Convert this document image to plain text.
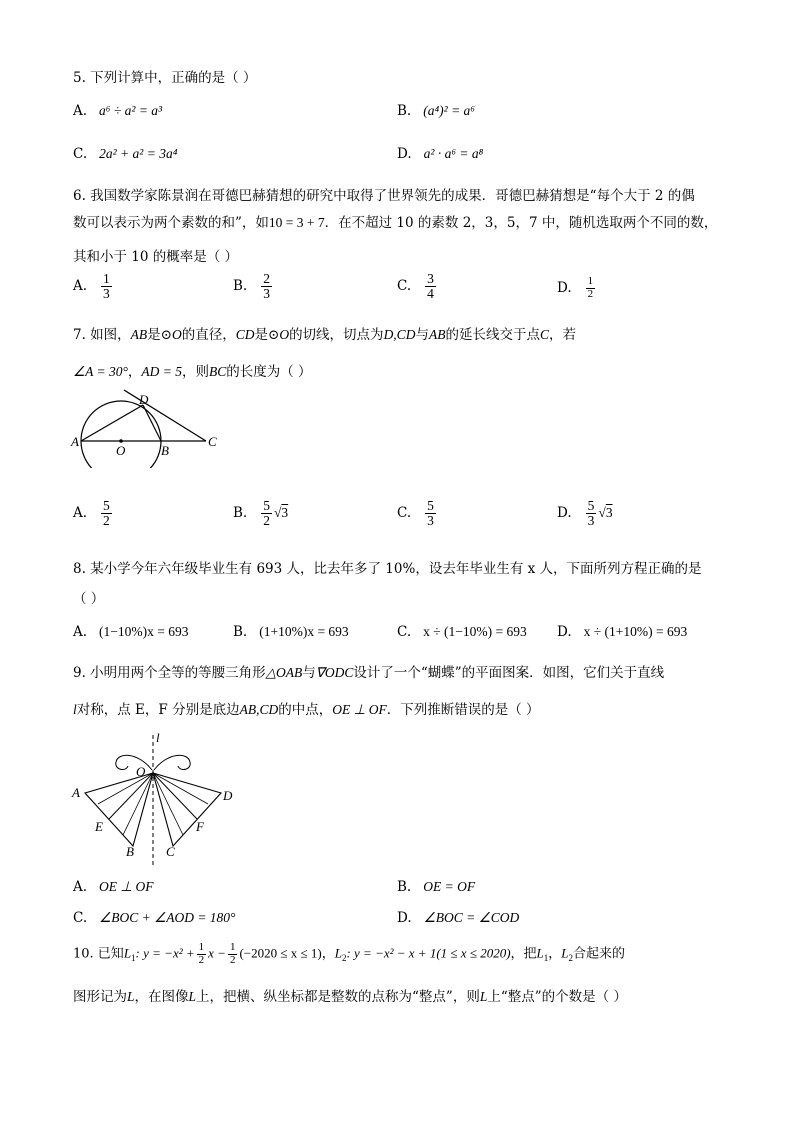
5. 下列计算中，正确的是（ ）
A. a⁶ ÷ a² = a³	B. (a⁴)² = a⁶
C. 2a² + a² = 3a⁴	D. a² · a⁶ = a⁸
6. 我国数学家陈景润在哥德巴赫猜想的研究中取得了世界领先的成果．哥德巴赫猜想是“每个大于 2 的偶
数可以表示为两个素数的和”，如10 = 3 + 7．在不超过 10 的素数 2，3，5，7 中，随机选取两个不同的数，
其和小于 10 的概率是（ ）
A. $\frac{1}{3}$	B. $\frac{2}{3}$	C. $\frac{3}{4}$	D. $\frac{1}{2}$
7. 如图，AB是⊙O的直径，CD是⊙O的切线，切点为D,CD与AB的延长线交于点C，若
∠A = 30°，AD = 5，则BC的长度为（ ）
A
O	B
C
D
A. $\frac{5}{2}$	B. $\frac{5}{2} √3$	C. $\frac{5}{3}$	D. $\frac{5}{3} √3$
8. 某小学今年六年级毕业生有 693 人，比去年多了 10%，设去年毕业生有 x 人，下面所列方程正确的是
（ ）
A. (1−10%)x = 693	B. (1+10%)x = 693	C. x ÷ (1−10%) = 693 D. x ÷ (1+10%) = 693
9. 小明用两个全等的等腰三角形△OAB与∇ODC设计了一个“蝴蝶”的平面图案．如图，它们关于直线
l对称，点 E，F 分别是底边AB,CD的中点，OE ⊥ OF．下列推断错误的是（ ）
l
O
A	D
E	F
B C
A. OE ⊥ OF	B. OE = OF
C. ∠BOC + ∠AOD = 180°	D. ∠BOC = ∠COD
10. 已知$L_1$: $y = -x^2 + \frac{1}{2}$ $x - \frac{1}{2} (-2020 \le x \le 1)$，$L_2$: y = −x² − x + 1(1 ≤ x ≤ 2020)，把$L_1$，$L_2$合起来的
图形记为L，在图像L上，把横、纵坐标都是整数的点称为“整点”，则L上“整点”的个数是（ ）
